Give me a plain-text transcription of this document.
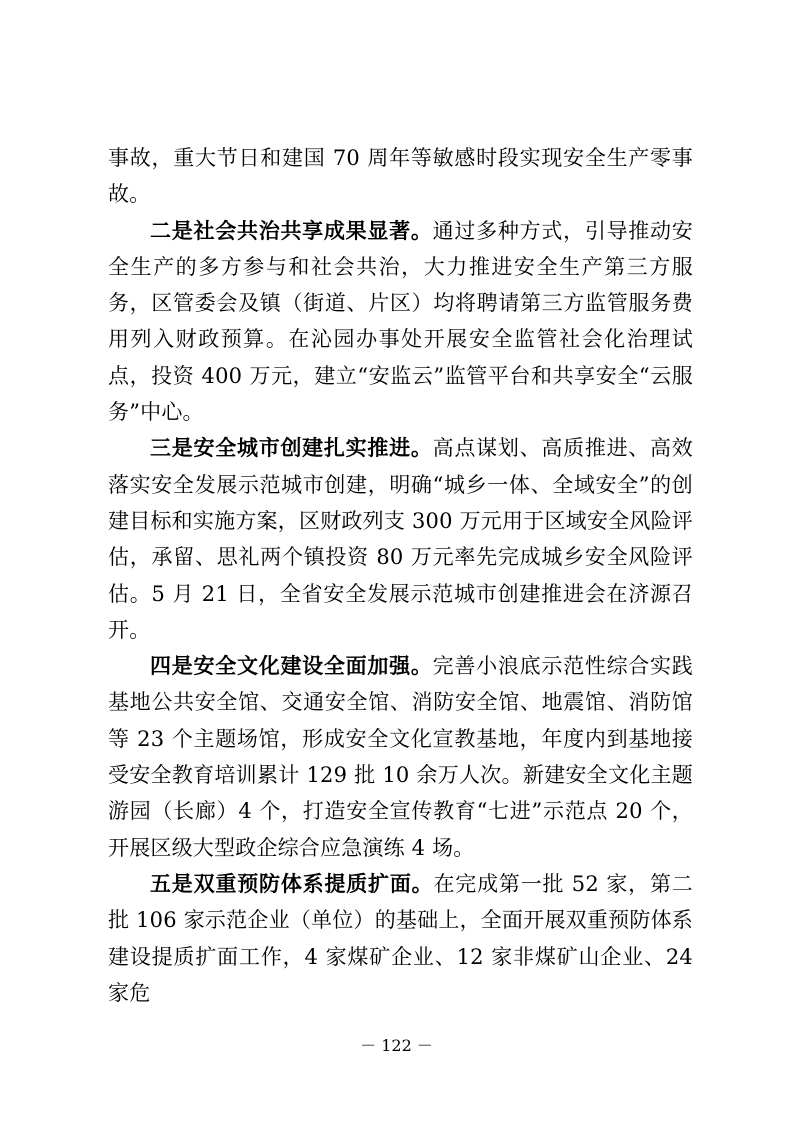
事故，重大节日和建国 70 周年等敏感时段实现安全生产零事故。

二是社会共治共享成果显著。通过多种方式，引导推动安全生产的多方参与和社会共治，大力推进安全生产第三方服务，区管委会及镇（街道、片区）均将聘请第三方监管服务费用列入财政预算。在沁园办事处开展安全监管社会化治理试点，投资 400 万元，建立“安监云”监管平台和共享安全“云服务”中心。

三是安全城市创建扎实推进。高点谋划、高质推进、高效落实安全发展示范城市创建，明确“城乡一体、全域安全”的创建目标和实施方案，区财政列支 300 万元用于区域安全风险评估，承留、思礼两个镇投资 80 万元率先完成城乡安全风险评估。5 月 21 日，全省安全发展示范城市创建推进会在济源召开。

四是安全文化建设全面加强。完善小浪底示范性综合实践基地公共安全馆、交通安全馆、消防安全馆、地震馆、消防馆等 23 个主题场馆，形成安全文化宣教基地，年度内到基地接受安全教育培训累计 129 批 10 余万人次。新建安全文化主题游园（长廊）4 个，打造安全宣传教育“七进”示范点 20 个，开展区级大型政企综合应急演练 4 场。

五是双重预防体系提质扩面。在完成第一批 52 家，第二批 106 家示范企业（单位）的基础上，全面开展双重预防体系建设提质扩面工作，4 家煤矿企业、12 家非煤矿山企业、24 家危

－ 122 －
